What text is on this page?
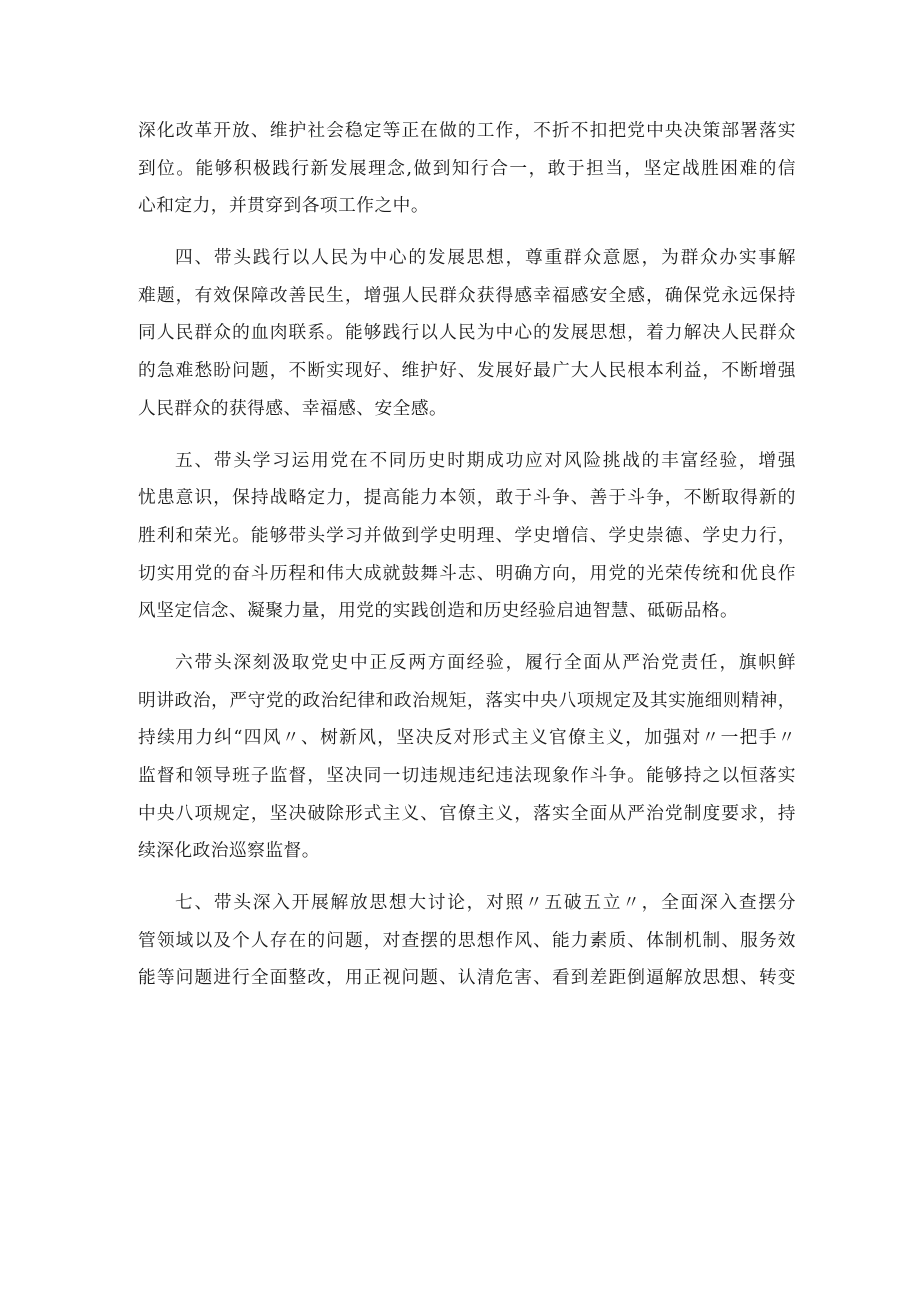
深化改革开放、维护社会稳定等正在做的工作，不折不扣把党中央决策部署落实
到位。能够积极践行新发展理念,做到知行合一，敢于担当，坚定战胜困难的信
心和定力，并贯穿到各项工作之中。
四、带头践行以人民为中心的发展思想，尊重群众意愿，为群众办实事解
难题，有效保障改善民生，增强人民群众获得感幸福感安全感，确保党永远保持
同人民群众的血肉联系。能够践行以人民为中心的发展思想，着力解决人民群众
的急难愁盼问题，不断实现好、维护好、发展好最广大人民根本利益，不断增强
人民群众的获得感、幸福感、安全感。
五、带头学习运用党在不同历史时期成功应对风险挑战的丰富经验，增强
忧患意识，保持战略定力，提高能力本领，敢于斗争、善于斗争，不断取得新的
胜利和荣光。能够带头学习并做到学史明理、学史增信、学史崇德、学史力行，
切实用党的奋斗历程和伟大成就鼓舞斗志、明确方向，用党的光荣传统和优良作
风坚定信念、凝聚力量，用党的实践创造和历史经验启迪智慧、砥砺品格。
六带头深刻汲取党史中正反两方面经验，履行全面从严治党责任，旗帜鲜
明讲政治，严守党的政治纪律和政治规矩，落实中央八项规定及其实施细则精神，
持续用力纠“四风〃、树新风，坚决反对形式主义官僚主义，加强对〃一把手〃
监督和领导班子监督，坚决同一切违规违纪违法现象作斗争。能够持之以恒落实
中央八项规定，坚决破除形式主义、官僚主义，落实全面从严治党制度要求，持
续深化政治巡察监督。
七、带头深入开展解放思想大讨论，对照〃五破五立〃，全面深入查摆分
管领域以及个人存在的问题，对查摆的思想作风、能力素质、体制机制、服务效
能等问题进行全面整改，用正视问题、认清危害、看到差距倒逼解放思想、转变
